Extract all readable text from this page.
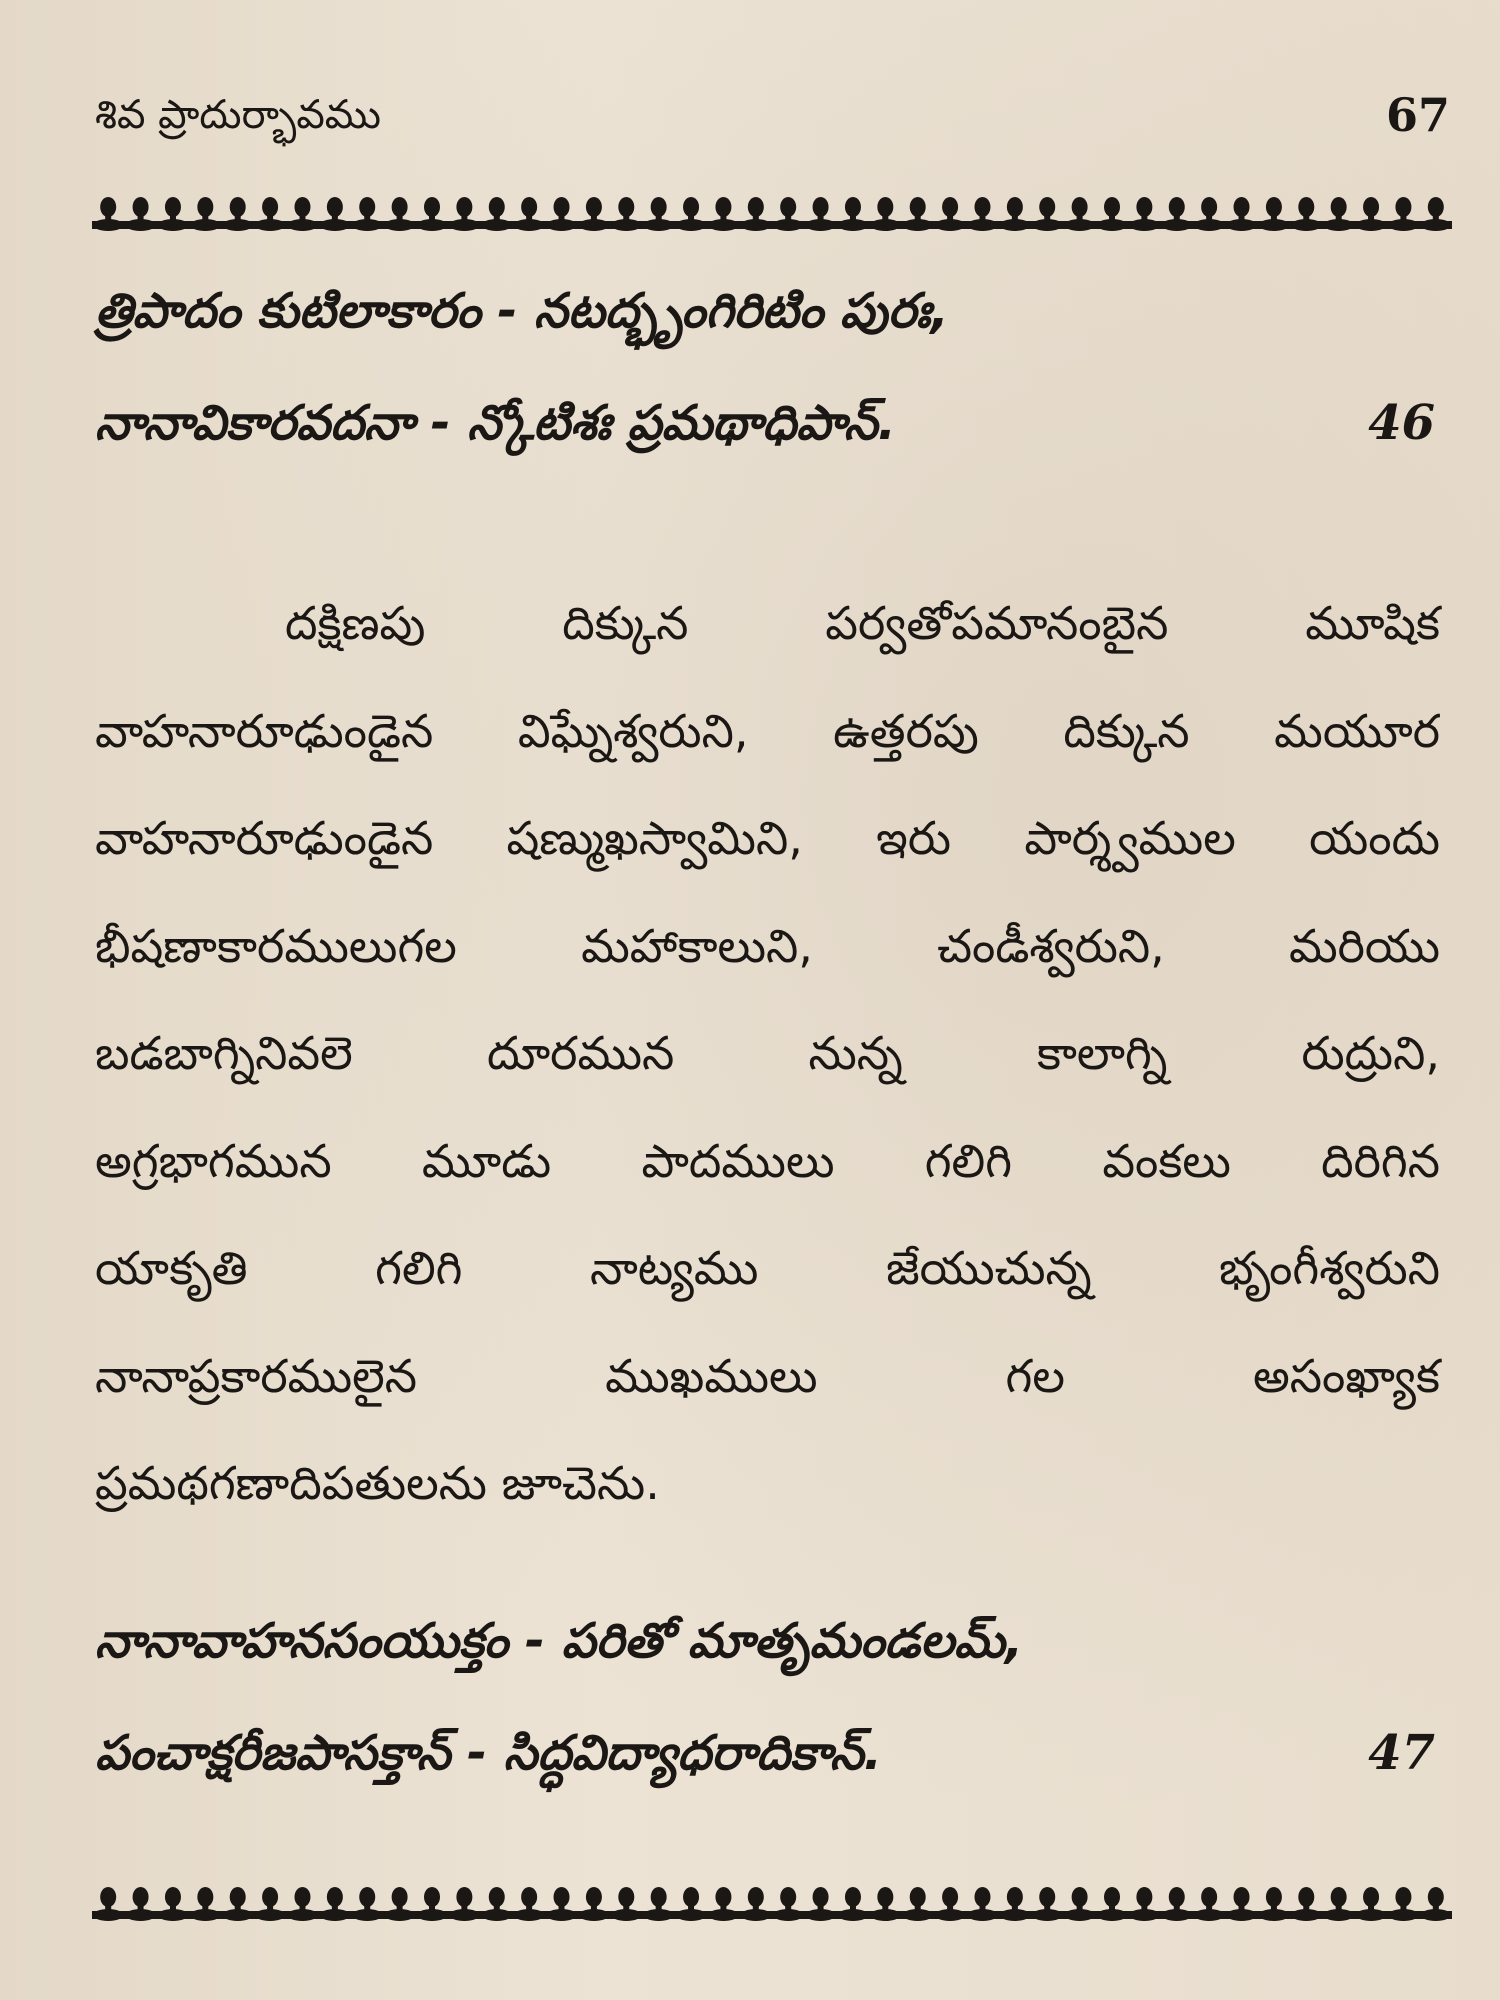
శివ ప్రాదుర్భావము	67
త్రిపాదం కుటిలాకారం - నటద్భృంగిరిటిం పురః,
నానావికారవదనా - న్కోటిశః ప్రమథాధిపాన్.	46
దక్షిణపు దిక్కున పర్వతోపమానంబైన మూషిక
వాహనారూఢుండైన విఘ్నేశ్వరుని, ఉత్తరపు దిక్కున మయూర
వాహనారూఢుండైన షణ్ముఖస్వామిని, ఇరు పార్శ్వముల యందు
భీషణాకారములుగల మహాకాలుని, చండీశ్వరుని, మరియు
బడబాగ్నినివలె దూరమున నున్న కాలాగ్ని రుద్రుని,
అగ్రభాగమున మూడు పాదములు గలిగి వంకలు దిరిగిన
యాకృతి గలిగి నాట్యము జేయుచున్న భృంగీశ్వరుని
నానాప్రకారములైన ముఖములు గల అసంఖ్యాక
ప్రమథగణాదిపతులను జూచెను.
నానావాహనసంయుక్తం - పరితో మాతృమండలమ్,
పంచాక్షరీజపాసక్తాన్ - సిద్ధవిద్యాధరాదికాన్.	47
